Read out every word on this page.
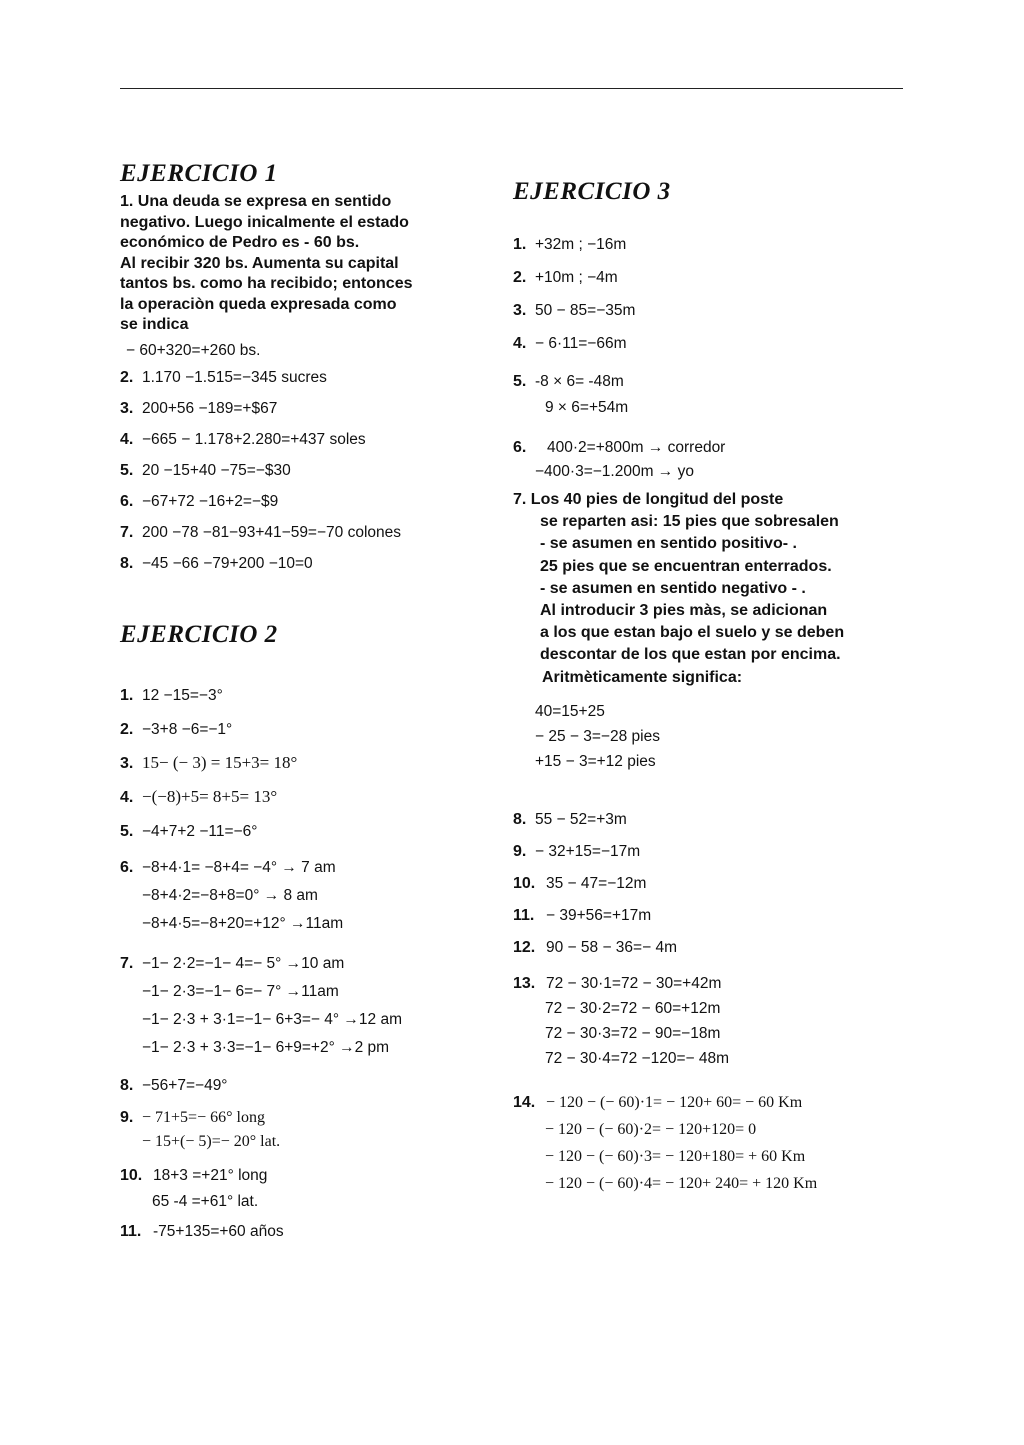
EJERCICIO 1
1. Una deuda se expresa en sentido
negativo. Luego inicalmente el estado
económico de Pedro es - 60 bs.
Al recibir 320 bs. Aumenta su capital
tantos bs. como ha recibido; entonces
la operaciòn queda expresada como
se indica
− 60+320=+260 bs.
2. 1.170 −1.515=−345 sucres
3. 200+56 −189=+$67
4. −665 − 1.178+2.280=+437 soles
5. 20 −15+40 −75=−$30
6. −67+72 −16+2=−$9
7. 200 −78 −81−93+41−59=−70 colones
8. −45 −66 −79+200 −10=0
EJERCICIO 2
1. 12 −15=−3°
2. −3+8 −6=−1°
3. 15− (− 3) = 15+3= 18°
4. −(−8)+5= 8+5= 13°
5. −4+7+2 −11=−6°
6. −8+4·1= −8+4= −4° → 7 am
−8+4·2=−8+8=0° → 8 am
−8+4·5=−8+20=+12° →11am
7. −1− 2·2=−1− 4=− 5° →10 am
−1− 2·3=−1− 6=− 7° →11am
−1− 2·3 + 3·1=−1− 6+3=− 4° →12 am
−1− 2·3 + 3·3=−1− 6+9=+2° →2 pm
8. −56+7=−49°
9. − 71+5=− 66° long
− 15+(− 5)=− 20° lat.
10. 18+3 =+21° long
65 -4 =+61° lat.
11. -75+135=+60 años
EJERCICIO 3
1. +32m ; −16m
2. +10m ; −4m
3. 50 − 85=−35m
4. − 6·11=−66m
5. -8 × 6= -48m
9 × 6=+54m
6.	400·2=+800m → corredor
−400·3=−1.200m → yo
7. Los 40 pies de longitud del poste
se reparten asi: 15 pies que sobresalen
- se asumen en sentido positivo- .
25 pies que se encuentran enterrados.
- se asumen en sentido negativo - .
Al introducir 3 pies màs, se adicionan
a los que estan bajo el suelo y se deben
descontar de los que estan por encima.
Aritmèticamente significa:
40=15+25
− 25 − 3=−28 pies
+15 − 3=+12 pies
8. 55 − 52=+3m
9. − 32+15=−17m
10. 35 − 47=−12m
11. − 39+56=+17m
12. 90 − 58 − 36=− 4m
13. 72 − 30·1=72 − 30=+42m
72 − 30·2=72 − 60=+12m
72 − 30·3=72 − 90=−18m
72 − 30·4=72 −120=− 48m
14. − 120 − (− 60)·1= − 120+ 60= − 60 Km
− 120 − (− 60)·2= − 120+120= 0
− 120 − (− 60)·3= − 120+180= + 60 Km
− 120 − (− 60)·4= − 120+ 240= + 120 Km
